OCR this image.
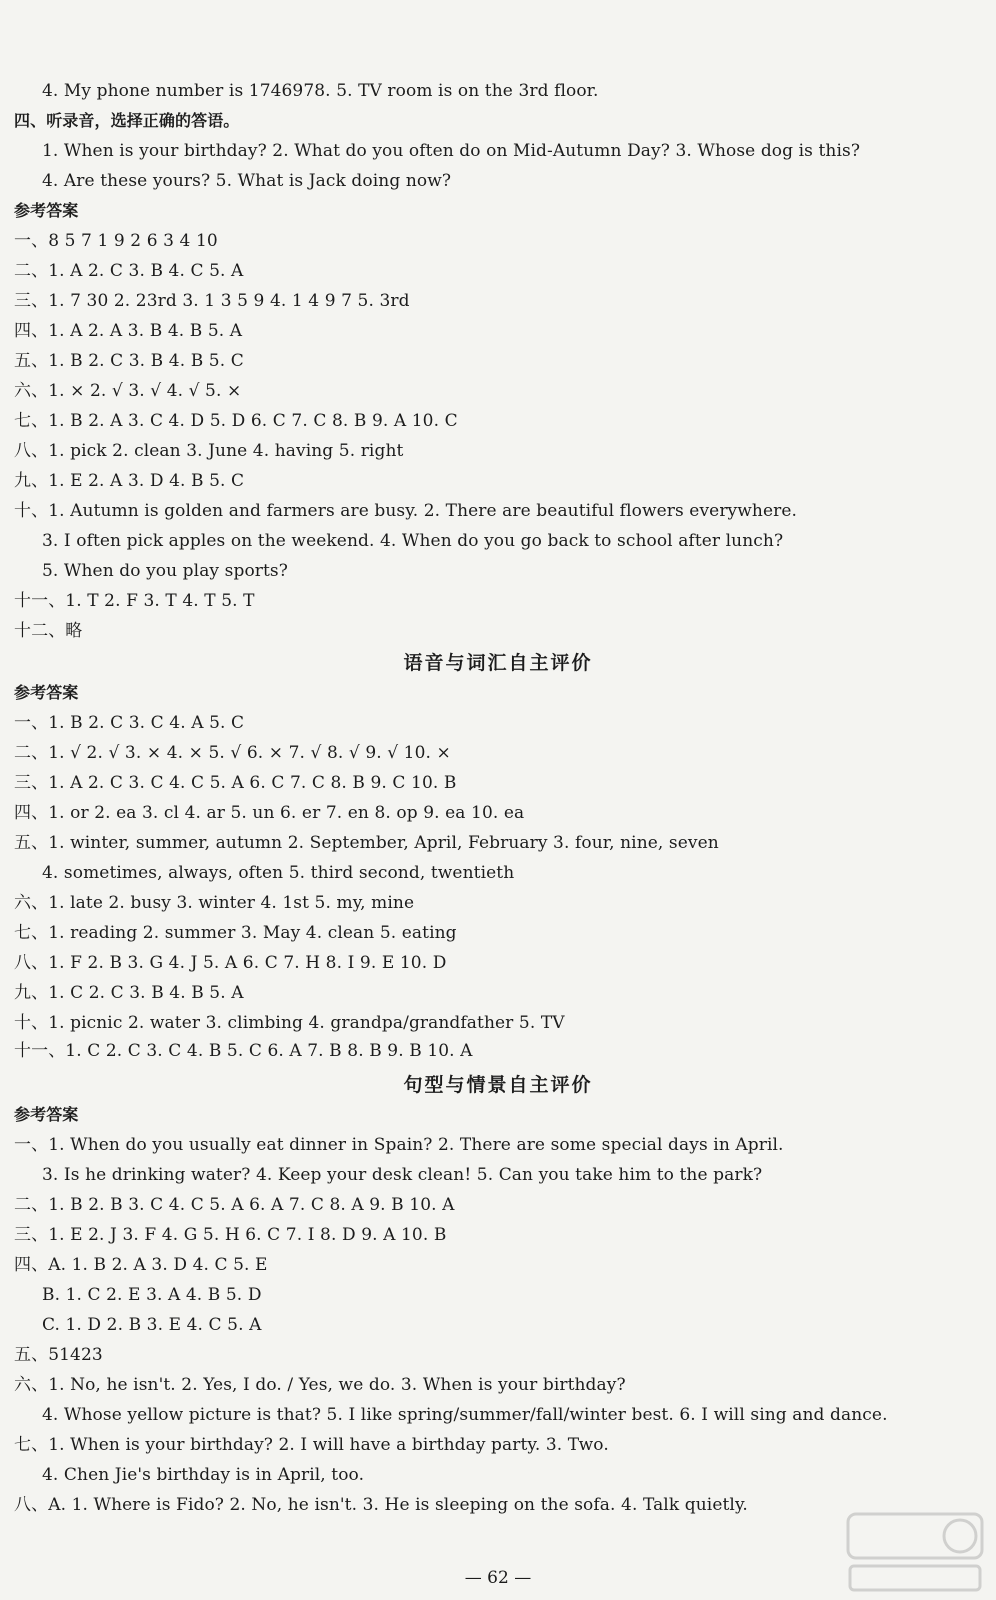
4. My phone number is 1746978. 5. TV room is on the 3rd floor.
四、听录音，选择正确的答语。
1. When is your birthday? 2. What do you often do on Mid-Autumn Day? 3. Whose dog is this?
4. Are these yours? 5. What is Jack doing now?
参考答案
一、8 5 7 1 9 2 6 3 4 10
二、1. A 2. C 3. B 4. C 5. A
三、1. 7 30 2. 23rd 3. 1 3 5 9 4. 1 4 9 7 5. 3rd
四、1. A 2. A 3. B 4. B 5. A
五、1. B 2. C 3. B 4. B 5. C
六、1. × 2. √ 3. √ 4. √ 5. ×
七、1. B 2. A 3. C 4. D 5. D 6. C 7. C 8. B 9. A 10. C
八、1. pick 2. clean 3. June 4. having 5. right
九、1. E 2. A 3. D 4. B 5. C
十、1. Autumn is golden and farmers are busy. 2. There are beautiful flowers everywhere.
3. I often pick apples on the weekend. 4. When do you go back to school after lunch?
5. When do you play sports?
十一、1. T 2. F 3. T 4. T 5. T
十二、略
语音与词汇自主评价
参考答案
一、1. B 2. C 3. C 4. A 5. C
二、1. √ 2. √ 3. × 4. × 5. √ 6. × 7. √ 8. √ 9. √ 10. ×
三、1. A 2. C 3. C 4. C 5. A 6. C 7. C 8. B 9. C 10. B
四、1. or 2. ea 3. cl 4. ar 5. un 6. er 7. en 8. op 9. ea 10. ea
五、1. winter, summer, autumn 2. September, April, February 3. four, nine, seven
4. sometimes, always, often 5. third second, twentieth
六、1. late 2. busy 3. winter 4. 1st 5. my, mine
七、1. reading 2. summer 3. May 4. clean 5. eating
八、1. F 2. B 3. G 4. J 5. A 6. C 7. H 8. I 9. E 10. D
九、1. C 2. C 3. B 4. B 5. A
十、1. picnic 2. water 3. climbing 4. grandpa/grandfather 5. TV
十一、1. C 2. C 3. C 4. B 5. C 6. A 7. B 8. B 9. B 10. A
句型与情景自主评价
参考答案
一、1. When do you usually eat dinner in Spain? 2. There are some special days in April.
3. Is he drinking water? 4. Keep your desk clean! 5. Can you take him to the park?
二、1. B 2. B 3. C 4. C 5. A 6. A 7. C 8. A 9. B 10. A
三、1. E 2. J 3. F 4. G 5. H 6. C 7. I 8. D 9. A 10. B
四、A. 1. B 2. A 3. D 4. C 5. E
B. 1. C 2. E 3. A 4. B 5. D
C. 1. D 2. B 3. E 4. C 5. A
五、51423
六、1. No, he isn't. 2. Yes, I do. / Yes, we do. 3. When is your birthday?
4. Whose yellow picture is that? 5. I like spring/summer/fall/winter best. 6. I will sing and dance.
七、1. When is your birthday? 2. I will have a birthday party. 3. Two.
4. Chen Jie's birthday is in April, too.
八、A. 1. Where is Fido? 2. No, he isn't. 3. He is sleeping on the sofa. 4. Talk quietly.
— 62 —
